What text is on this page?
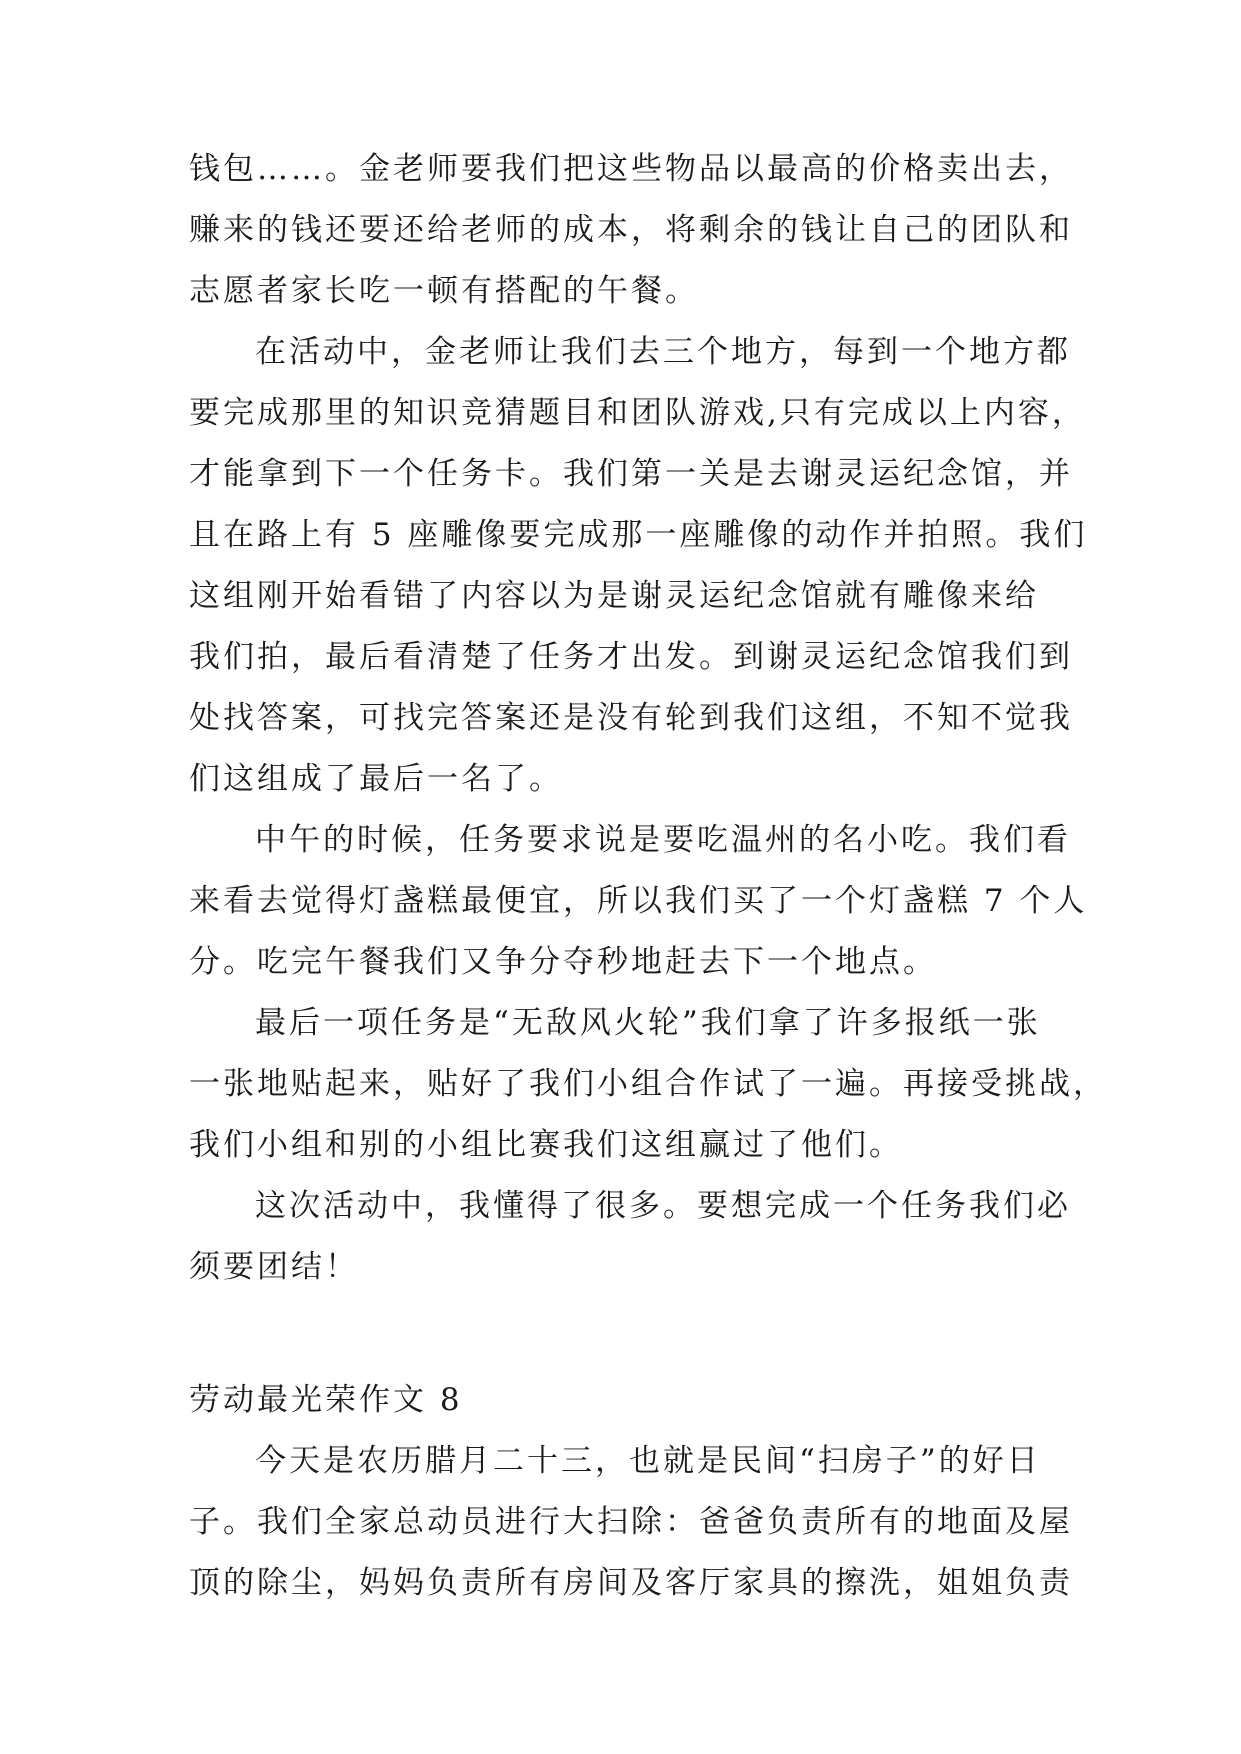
钱包……。金老师要我们把这些物品以最高的价格卖出去，
赚来的钱还要还给老师的成本，将剩余的钱让自己的团队和
志愿者家长吃一顿有搭配的午餐。
在活动中，金老师让我们去三个地方，每到一个地方都
要完成那里的知识竞猜题目和团队游戏,只有完成以上内容，
才能拿到下一个任务卡。我们第一关是去谢灵运纪念馆，并
且在路上有 5 座雕像要完成那一座雕像的动作并拍照。我们
这组刚开始看错了内容以为是谢灵运纪念馆就有雕像来给
我们拍，最后看清楚了任务才出发。到谢灵运纪念馆我们到
处找答案，可找完答案还是没有轮到我们这组，不知不觉我
们这组成了最后一名了。
中午的时候，任务要求说是要吃温州的名小吃。我们看
来看去觉得灯盏糕最便宜，所以我们买了一个灯盏糕 7 个人
分。吃完午餐我们又争分夺秒地赶去下一个地点。
最后一项任务是“无敌风火轮”我们拿了许多报纸一张
一张地贴起来，贴好了我们小组合作试了一遍。再接受挑战，
我们小组和别的小组比赛我们这组赢过了他们。
这次活动中，我懂得了很多。要想完成一个任务我们必
须要团结！
劳动最光荣作文 8
今天是农历腊月二十三，也就是民间“扫房子”的好日
子。我们全家总动员进行大扫除：爸爸负责所有的地面及屋
顶的除尘，妈妈负责所有房间及客厅家具的擦洗，姐姐负责
